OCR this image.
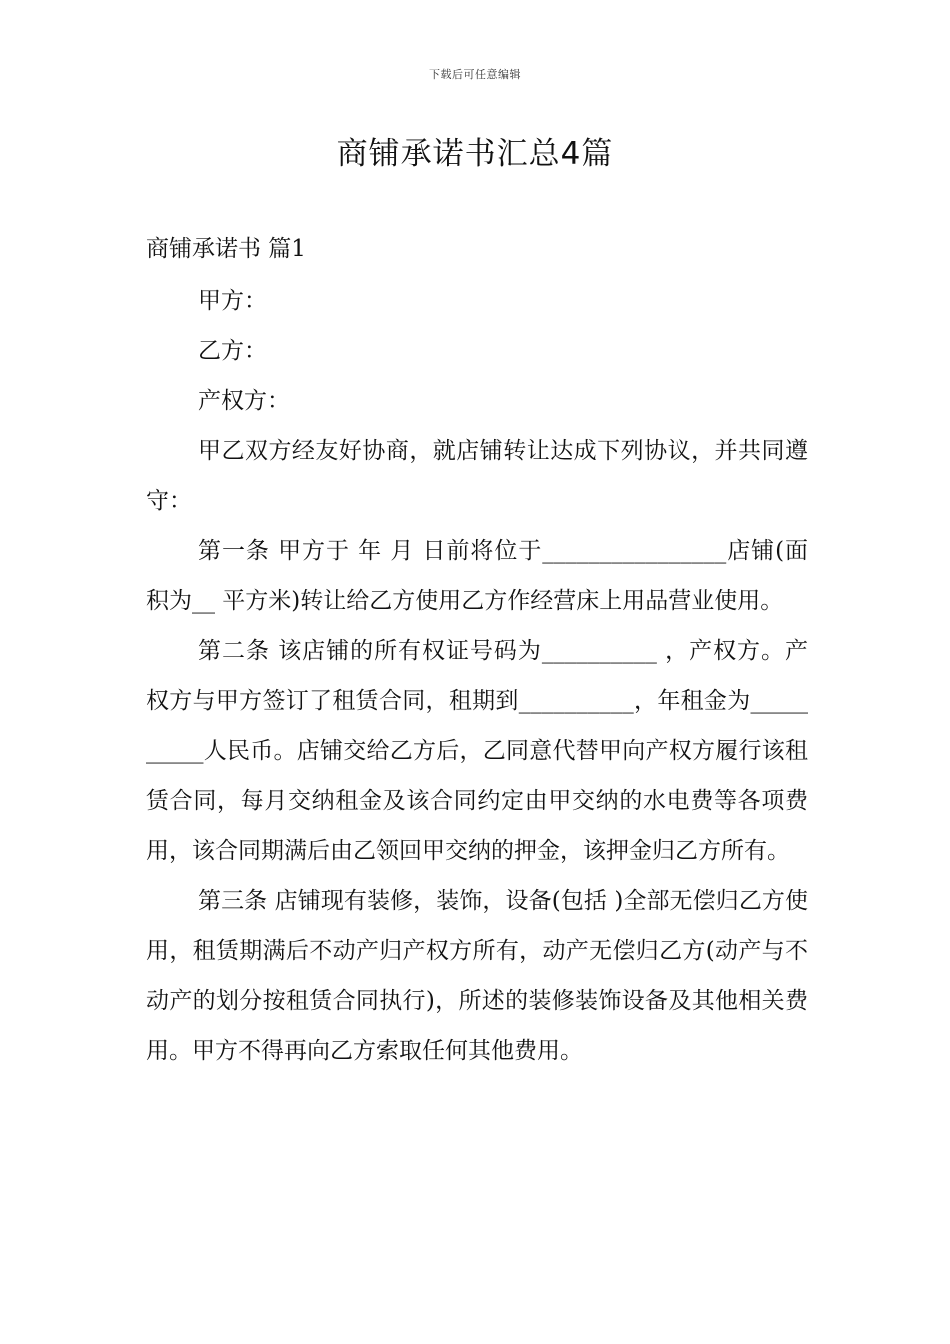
下载后可任意编辑
商铺承诺书汇总4篇
商铺承诺书 篇1

甲方：

乙方：

产权方：

甲乙双方经友好协商，就店铺转让达成下列协议，并共同遵守：

第一条 甲方于 年 月 日前将位于________________店铺(面积为__ 平方米)转让给乙方使用乙方作经营床上用品营业使用。

第二条 该店铺的所有权证号码为__________ ，产权方。产权方与甲方签订了租赁合同，租期到__________，年租金为__________人民币。店铺交给乙方后，乙同意代替甲向产权方履行该租赁合同，每月交纳租金及该合同约定由甲交纳的水电费等各项费用，该合同期满后由乙领回甲交纳的押金，该押金归乙方所有。

第三条 店铺现有装修，装饰，设备(包括 )全部无偿归乙方使用，租赁期满后不动产归产权方所有，动产无偿归乙方(动产与不动产的划分按租赁合同执行)，所述的装修装饰设备及其他相关费用。甲方不得再向乙方索取任何其他费用。
